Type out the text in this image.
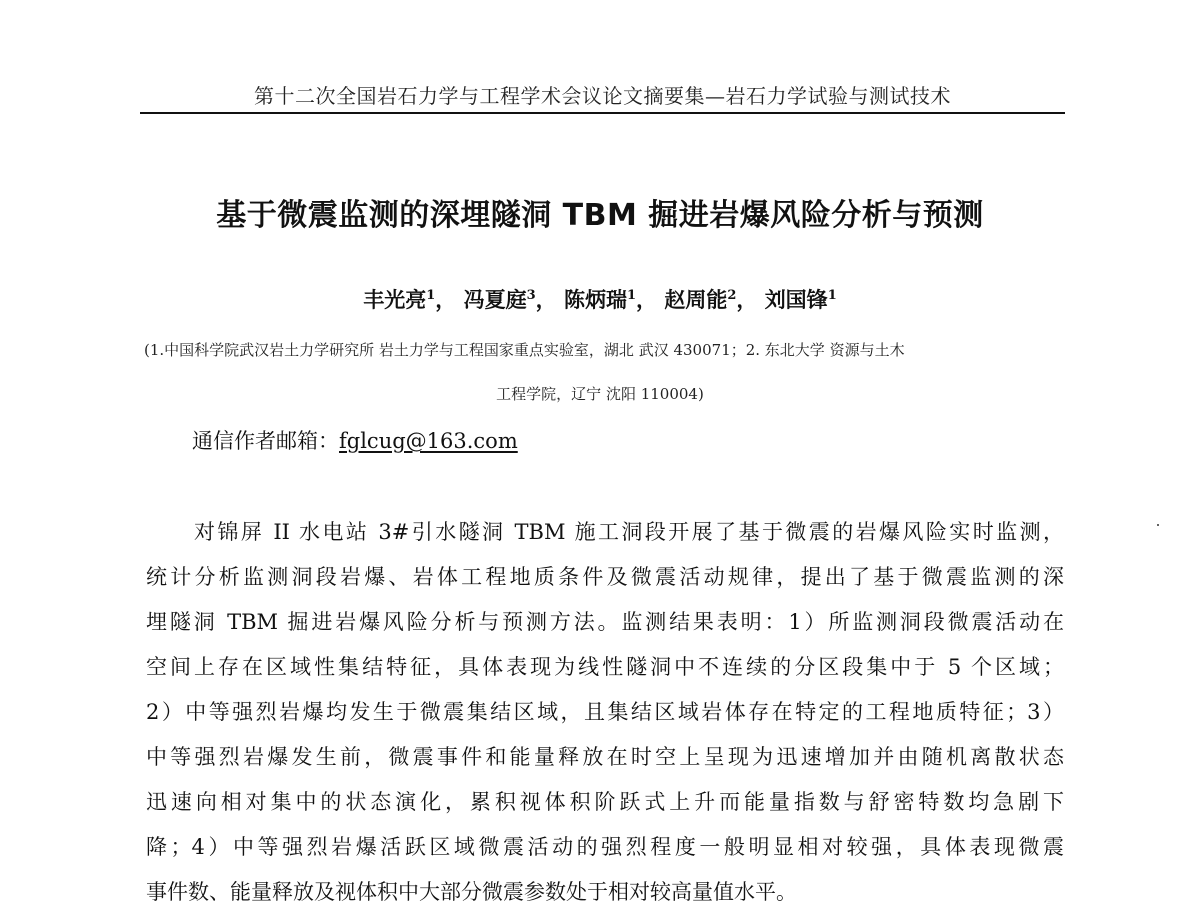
第十二次全国岩石力学与工程学术会议论文摘要集—岩石力学试验与测试技术
基于微震监测的深埋隧洞 TBM 掘进岩爆风险分析与预测
丰光亮$^1$， 冯夏庭$^3$， 陈炳瑞$^1$， 赵周能$^2$， 刘国锋$^1$
(1.中国科学院武汉岩土力学研究所 岩土力学与工程国家重点实验室，湖北 武汉 430071；2. 东北大学 资源与土木
工程学院，辽宁 沈阳 110004)
通信作者邮箱：fglcug@163.com
对锦屏 II 水电站 3#引水隧洞 TBM 施工洞段开展了基于微震的岩爆风险实时监测，
统计分析监测洞段岩爆、岩体工程地质条件及微震活动规律，提出了基于微震监测的深
埋隧洞 TBM 掘进岩爆风险分析与预测方法。监测结果表明：1）所监测洞段微震活动在
空间上存在区域性集结特征，具体表现为线性隧洞中不连续的分区段集中于 5 个区域；
2）中等强烈岩爆均发生于微震集结区域，且集结区域岩体存在特定的工程地质特征；3）
中等强烈岩爆发生前，微震事件和能量释放在时空上呈现为迅速增加并由随机离散状态
迅速向相对集中的状态演化，累积视体积阶跃式上升而能量指数与舒密特数均急剧下
降；4）中等强烈岩爆活跃区域微震活动的强烈程度一般明显相对较强，具体表现微震
事件数、能量释放及视体积中大部分微震参数处于相对较高量值水平。
